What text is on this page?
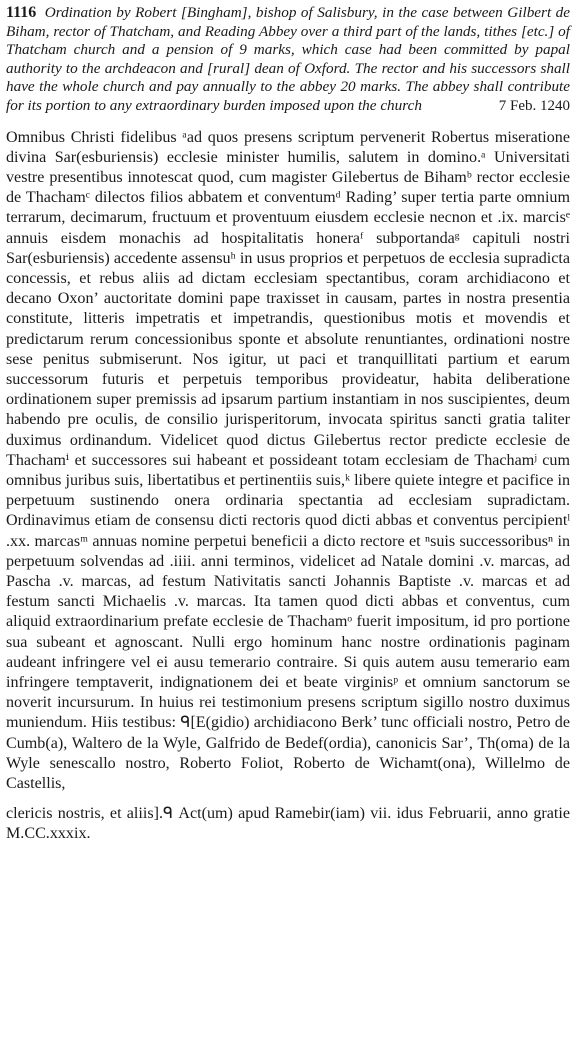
1116 Ordination by Robert [Bingham], bishop of Salisbury, in the case between Gilbert de Biham, rector of Thatcham, and Reading Abbey over a third part of the lands, tithes [etc.] of Thatcham church and a pension of 9 marks, which case had been committed by papal authority to the archdeacon and [rural] dean of Oxford. The rector and his successors shall have the whole church and pay annually to the abbey 20 marks. The abbey shall contribute for its portion to any extraordinary burden imposed upon the church	7 Feb. 1240

Omnibus Christi fidelibus ᵃad quos presens scriptum pervenerit Robertus miseratione divina Sar(esburiensis) ecclesie minister humilis, salutem in domino.ᵃ Universitati vestre presentibus innotescat quod, cum magister Gilebertus de Bihamᵇ rector ecclesie de Thachamᶜ dilectos filios abbatem et conventumᵈ Rading’ super tertia parte omnium terrarum, decimarum, fructuum et proventuum eiusdem ecclesie necnon et .ix. marcisᵉ annuis eisdem monachis ad hospitalitatis honeraᶠ subportandaᵍ capituli nostri Sar(esburiensis) accedente assensuʰ in usus proprios et perpetuos de ecclesia supradicta concessis, et rebus aliis ad dictam ecclesiam spectantibus, coram archidiacono et decano Oxon’ auctoritate domini pape traxisset in causam, partes in nostra presentia constitute, litteris impetratis et impetrandis, questionibus motis et movendis et predictarum rerum concessionibus sponte et absolute renuntiantes, ordinationi nostre sese penitus submiserunt. Nos igitur, ut paci et tranquillitati partium et earum successorum futuris et perpetuis temporibus provideatur, habita deliberatione ordinationem super premissis ad ipsarum partium instantiam in nos suscipientes, deum habendo pre oculis, de consilio jurisperitorum, invocata spiritus sancti gratia taliter duximus ordinandum. Videlicet quod dictus Gilebertus rector predicte ecclesie de Thachamⁱ et successores sui habeant et possideant totam ecclesiam de Thachamʲ cum omnibus juribus suis, libertatibus et pertinentiis suis,ᵏ libere quiete integre et pacifice in perpetuum sustinendo onera ordinaria spectantia ad ecclesiam supradictam. Ordinavimus etiam de consensu dicti rectoris quod dicti abbas et conventus percipientˡ .xx. marcasᵐ annuas nomine perpetui beneficii a dicto rectore et ⁿsuis successoribusⁿ in perpetuum solvendas ad .iiii. anni terminos, videlicet ad Natale domini .v. marcas, ad Pascha .v. marcas, ad festum Nativitatis sancti Johannis Baptiste .v. marcas et ad festum sancti Michaelis .v. marcas. Ita tamen quod dicti abbas et conventus, cum aliquid extraordinarium prefate ecclesie de Thachamᵒ fuerit impositum, id pro portione sua subeant et agnoscant. Nulli ergo hominum hanc nostre ordinationis paginam audeant infringere vel ei ausu temerario contraire. Si quis autem ausu temerario eam infringere temptaverit, indignationem dei et beate virginisᵖ et omnium sanctorum se noverit incursurum. In huius rei testimonium presens scriptum sigillo nostro duximus muniendum. Hiis testibus: ᑫ[E(gidio) archidiacono Berk’ tunc officiali nostro, Petro de Cumb(a), Waltero de la Wyle, Galfrido de Bedef(ordia), canonicis Sar’, Th(oma) de la Wyle senescallo nostro, Roberto Foliot, Roberto de Wichamt(ona), Willelmo de Castellis,
clericis nostris, et aliis].ᑫ Act(um) apud Ramebir(iam) vii. idus Februarii, anno gratie M.CC.xxxix.
